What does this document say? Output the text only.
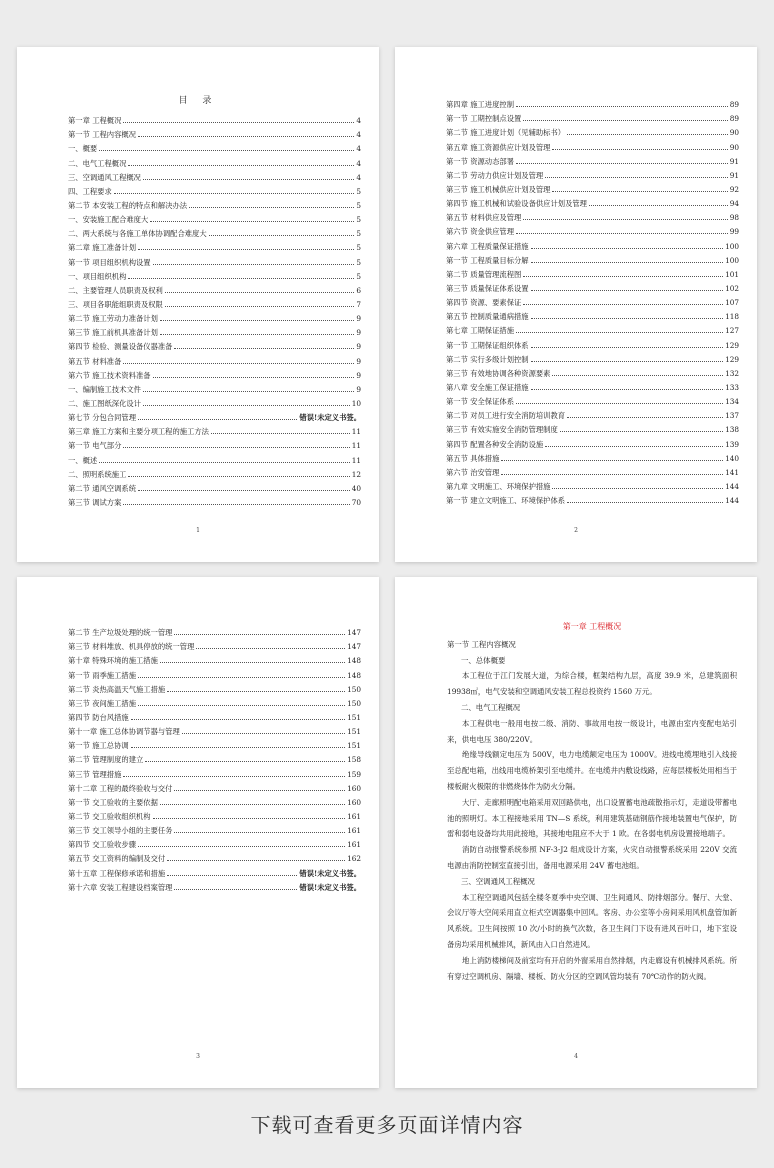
目 录
第一章 工程概况	4
第一节 工程内容概况	4
一、概要	4
二、电气工程概况	4
三、空调通风工程概况	4
四、工程要求	5
第二节 本安装工程的特点和解决办法	5
一、安装施工配合难度大	5
二、两大系统与各施工单体协调配合难度大	5
第二章 施工准备计划	5
第一节 项目组织机构设置	5
一、项目组织机构	5
二、主要管理人员职责及权利	6
三、项目各职能组职责及权限	7
第二节 施工劳动力准备计划	9
第三节 施工前机具准备计划	9
第四节 检验、测量设备仪器准备	9
第五节 材料准备	9
第六节 施工技术资料准备	9
一、编制施工技术文件	9
二、施工图纸深化设计	10
第七节 分包合同管理	错误!未定义书签。
第三章 施工方案和主要分项工程的施工方法	11
第一节 电气部分	11
一、概述	11
二、照明系统施工	12
第二节 通风空调系统	40
第三节 调试方案	70
1
第四章 施工进度控制	89
第一节 工期控制点设置	89
第二节 施工进度计划（见辅助标书）	90
第五章 施工资源供应计划及管理	90
第一节 资源动态部署	91
第二节 劳动力供应计划及管理	91
第三节 施工机械供应计划及管理	92
第四节 施工机械和试验设备供应计划及管理	94
第五节 材料供应及管理	98
第六节 资金供应管理	99
第六章 工程质量保证措施	100
第一节 工程质量目标分解	100
第二节 质量管理流程图	101
第三节 质量保证体系设置	102
第四节 资源、要素保证	107
第五节 控制质量通病措施	118
第七章 工期保证措施	127
第一节 工期保证组织体系	129
第二节 实行多级计划控制	129
第三节 有效地协调各种资源要素	132
第八章 安全施工保证措施	133
第一节 安全保证体系	134
第二节 对员工进行安全消防培训教育	137
第三节 有效实施安全消防管理制度	138
第四节 配置各种安全消防设施	139
第五节 具体措施	140
第六节 治安管理	141
第九章 文明施工、环境保护措施	144
第一节 建立文明施工、环境保护体系	144
2
第二节 生产垃圾处理的统一管理	147
第三节 材料堆放、机具停放的统一管理	147
第十章 特殊环境的施工措施	148
第一节 雨季施工措施	148
第二节 炎热高温天气施工措施	150
第三节 夜间施工措施	150
第四节 防台风措施	151
第十一章 施工总体协调节器与管理	151
第一节 施工总协调	151
第二节 管理制度的建立	158
第三节 管理措施	159
第十二章 工程的最终验收与交付	160
第一节 交工验收的主要依据	160
第二节 交工验收组织机构	161
第三节 交工领导小组的主要任务	161
第四节 交工验收步骤	161
第五节 交工资料的编制及交付	162
第十五章 工程保修承诺和措施	错误!未定义书签。
第十六章 安装工程建设档案管理	错误!未定义书签。
3
第一章 工程概况
第一节 工程内容概况
一、总体概要
本工程位于江门发展大道，为综合楼，框架结构九层，高度 39.9 米，总建筑面积 19938㎡，电气安装和空调通风安装工程总投资约 1560 万元。
二、电气工程概况
本工程供电一般用电按二级、消防、事故用电按一级设计，电源由室内变配电站引来，供电电压 380/220V。
绝缘导线额定电压为 500V，电力电缆额定电压为 1000V。进线电缆埋地引入线接至总配电箱，出线用电缆桥架引至电缆井。在电缆井内敷设线路，应每层楼板处用相当于楼板耐火极限的非燃烧体作为防火分隔。
大厅、走廊照明配电箱采用双回路供电，出口设置蓄电池疏散指示灯，走道设带蓄电池的照明灯。本工程接地采用 TN—S 系统，利用建筑基础钢筋作接地装置电气保护，防雷和弱电设备均共用此接地，其接地电阻应不大于 1 欧。在各弱电机房设置接地端子。
消防自动报警系统参照 NF-3-J2 组成设计方案，火灾自动报警系统采用 220V 交流电源由消防控制室直接引出，备用电源采用 24V 蓄电池组。
三、空调通风工程概况
本工程空调通风包括全楼冬夏季中央空调、卫生间通风、防排烟部分。餐厅、大堂、会议厅等大空间采用直立柜式空调器集中回风。客房、办公室等小房间采用风机盘管加新风系统。卫生间按照 10 次/小时的换气次数，各卫生间门下设有进风百叶口，地下室设备房均采用机械排风，新风由入口自然进风。
地上消防楼梯间及前室均有开启的外窗采用自然排烟，内走廊设有机械排风系统。所有穿过空调机房、隔墙、楼板、防火分区的空调风管均装有 70℃动作的防火阀。
4
下载可查看更多页面详情内容
